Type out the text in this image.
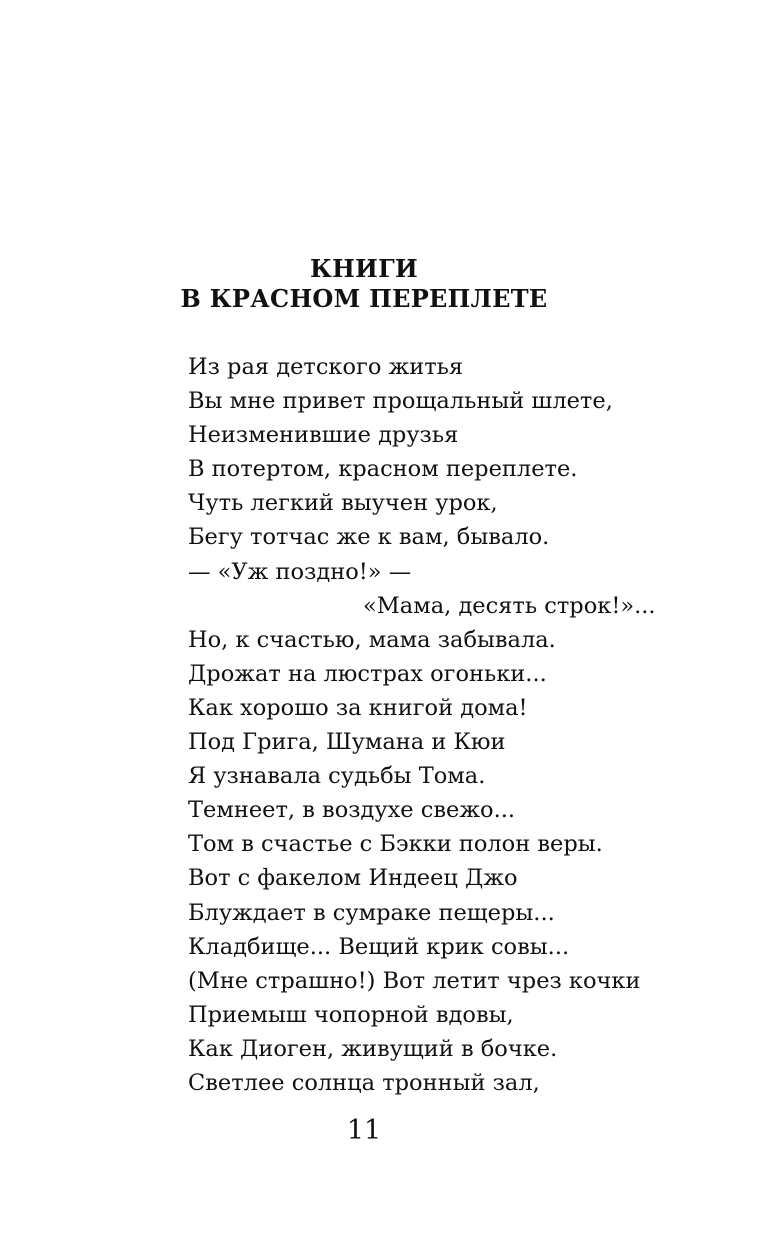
КНИГИ
В КРАСНОМ ПЕРЕПЛЕТЕ
Из рая детского житья
Вы мне привет прощальный шлете,
Неизменившие друзья
В потертом, красном переплете.
Чуть легкий выучен урок,
Бегу тотчас же к вам, бывало.
— «Уж поздно!» —
«Мама, десять строк!»...
Но, к счастью, мама забывала.
Дрожат на люстрах огоньки...
Как хорошо за книгой дома!
Под Грига, Шумана и Кюи
Я узнавала судьбы Тома.
Темнеет, в воздухе свежо...
Том в счастье с Бэкки полон веры.
Вот с факелом Индеец Джо
Блуждает в сумраке пещеры...
Кладбище... Вещий крик совы...
(Мне страшно!) Вот летит чрез кочки
Приемыш чопорной вдовы,
Как Диоген, живущий в бочке.
Светлее солнца тронный зал,
11
